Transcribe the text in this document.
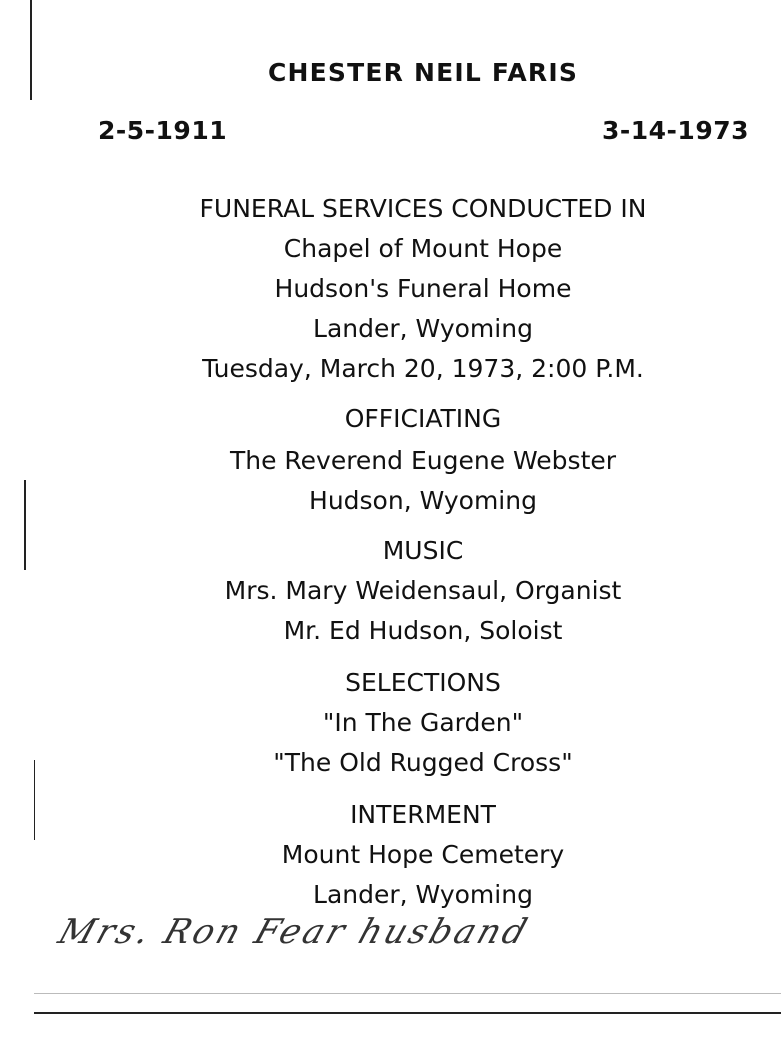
CHESTER NEIL FARIS
2-5-1911	3-14-1973
FUNERAL SERVICES CONDUCTED IN
Chapel of Mount Hope
Hudson's Funeral Home
Lander, Wyoming
Tuesday, March 20, 1973, 2:00 P.M.
OFFICIATING
The Reverend Eugene Webster
Hudson, Wyoming
MUSIC
Mrs. Mary Weidensaul, Organist
Mr. Ed Hudson, Soloist
SELECTIONS
"In The Garden"
"The Old Rugged Cross"
INTERMENT
Mount Hope Cemetery
Lander, Wyoming
Mrs. Ron Fear husband
